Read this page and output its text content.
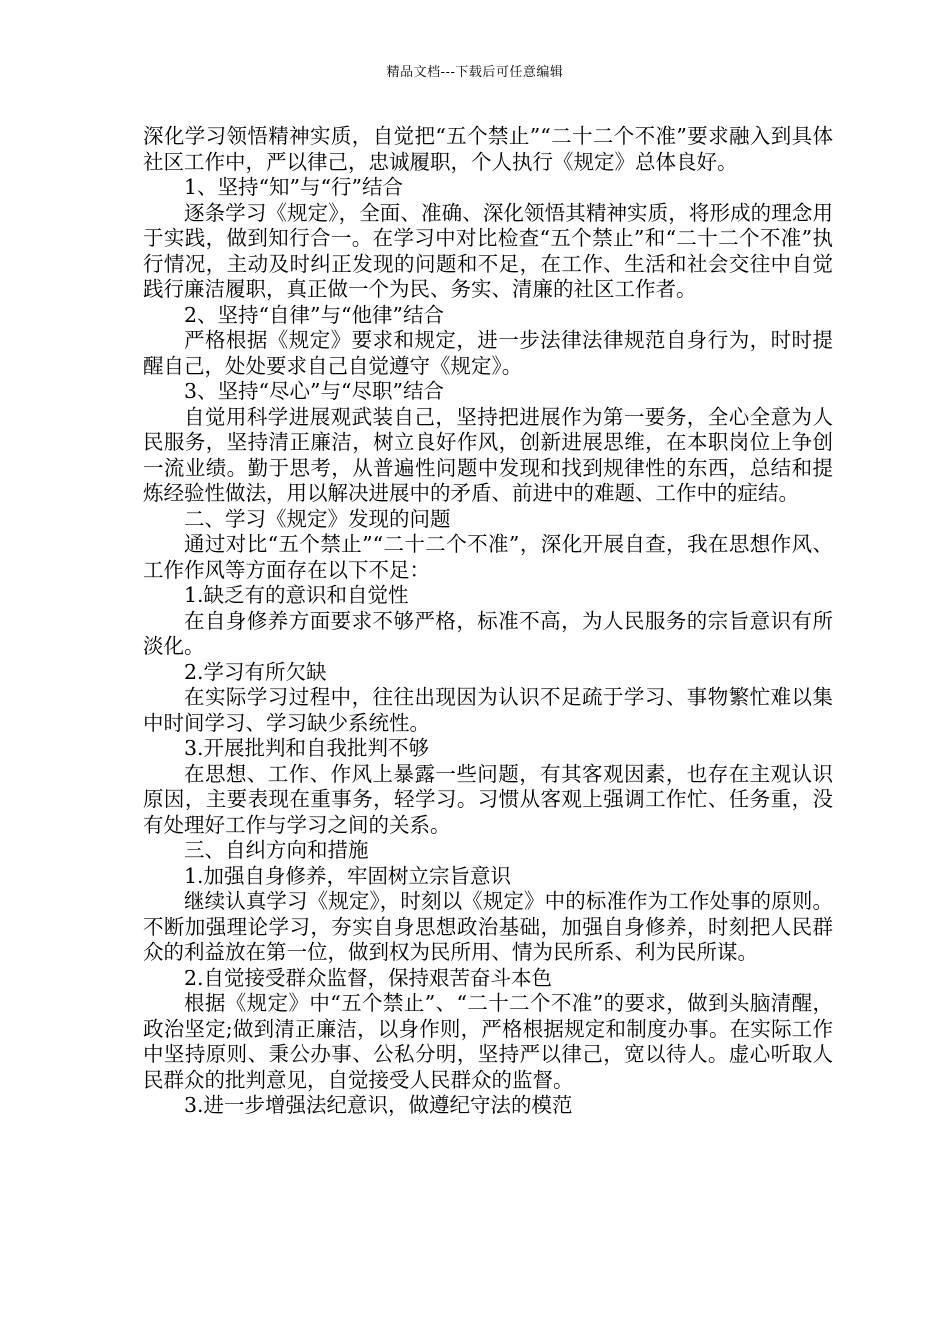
精品文档---下载后可任意编辑

深化学习领悟精神实质，自觉把“五个禁止”“二十二个不准”要求融入到具体社区工作中，严以律己，忠诚履职，个人执行《规定》总体良好。

1、坚持“知”与“行”结合

逐条学习《规定》，全面、准确、深化领悟其精神实质，将形成的理念用于实践，做到知行合一。在学习中对比检查“五个禁止”和“二十二个不准”执行情况，主动及时纠正发现的问题和不足，在工作、生活和社会交往中自觉践行廉洁履职，真正做一个为民、务实、清廉的社区工作者。

2、坚持“自律”与“他律”结合

严格根据《规定》要求和规定，进一步法律法律规范自身行为，时时提醒自己，处处要求自己自觉遵守《规定》。

3、坚持“尽心”与“尽职”结合

自觉用科学进展观武装自己，坚持把进展作为第一要务，全心全意为人民服务，坚持清正廉洁，树立良好作风，创新进展思维，在本职岗位上争创一流业绩。勤于思考，从普遍性问题中发现和找到规律性的东西，总结和提炼经验性做法，用以解决进展中的矛盾、前进中的难题、工作中的症结。

二、学习《规定》发现的问题

通过对比“五个禁止”“二十二个不准”，深化开展自查，我在思想作风、工作作风等方面存在以下不足：

1.缺乏有的意识和自觉性

在自身修养方面要求不够严格，标准不高，为人民服务的宗旨意识有所淡化。

2.学习有所欠缺

在实际学习过程中，往往出现因为认识不足疏于学习、事物繁忙难以集中时间学习、学习缺少系统性。

3.开展批判和自我批判不够

在思想、工作、作风上暴露一些问题，有其客观因素，也存在主观认识原因，主要表现在重事务，轻学习。习惯从客观上强调工作忙、任务重，没有处理好工作与学习之间的关系。

三、自纠方向和措施

1.加强自身修养，牢固树立宗旨意识

继续认真学习《规定》，时刻以《规定》中的标准作为工作处事的原则。不断加强理论学习，夯实自身思想政治基础，加强自身修养，时刻把人民群众的利益放在第一位，做到权为民所用、情为民所系、利为民所谋。

2.自觉接受群众监督，保持艰苦奋斗本色

根据《规定》中“五个禁止”、“二十二个不准”的要求，做到头脑清醒，政治坚定;做到清正廉洁，以身作则，严格根据规定和制度办事。在实际工作中坚持原则、秉公办事、公私分明，坚持严以律己，宽以待人。虚心听取人民群众的批判意见，自觉接受人民群众的监督。

3.进一步增强法纪意识，做遵纪守法的模范
